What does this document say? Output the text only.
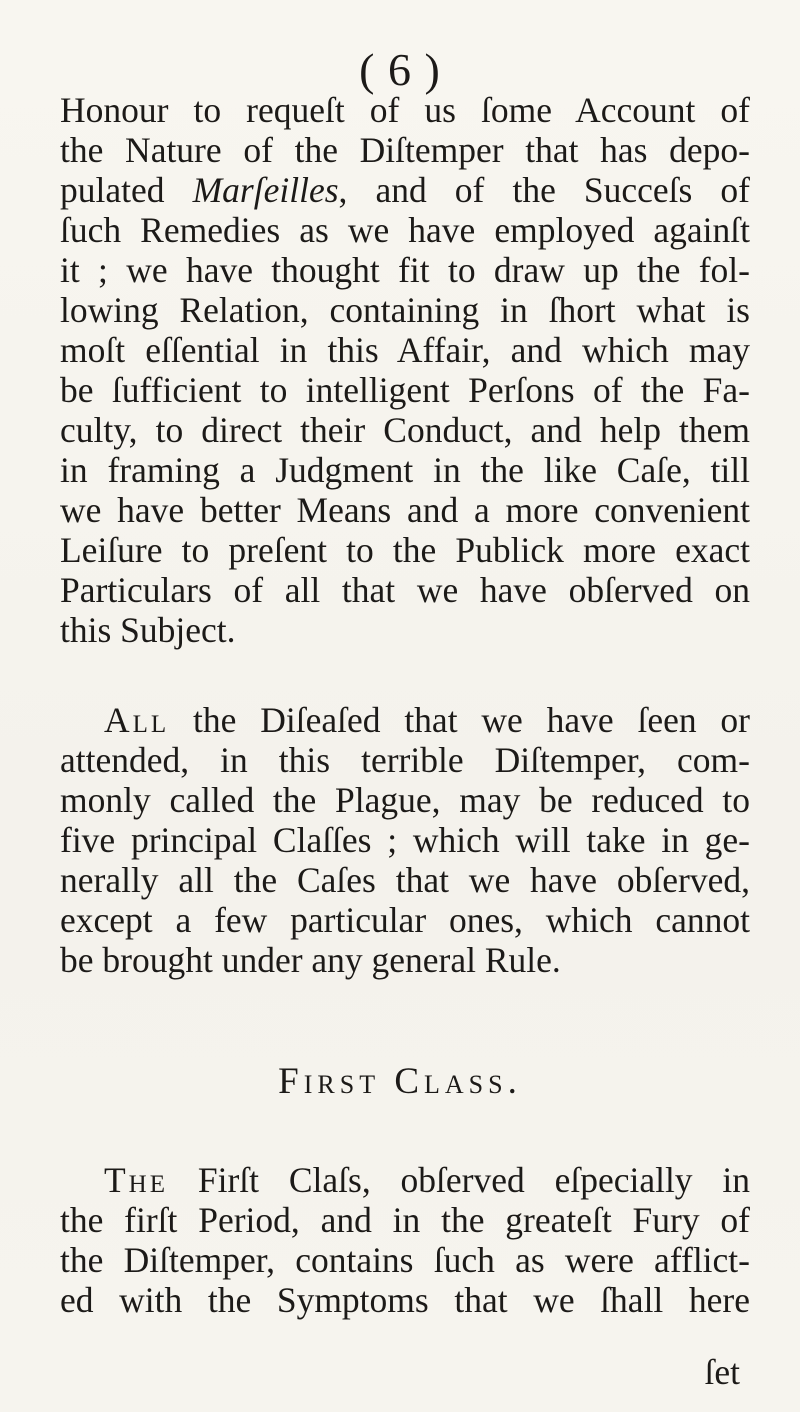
( 6 )
Honour to requeſt of us ſome Account of
the Nature of the Diſtemper that has depo-
pulated Marſeilles, and of the Succeſs of
ſuch Remedies as we have employed againſt
it ; we have thought fit to draw up the fol-
lowing Relation, containing in ſhort what is
moſt eſſential in this Affair, and which may
be ſufficient to intelligent Perſons of the Fa-
culty, to direct their Conduct, and help them
in framing a Judgment in the like Caſe, till
we have better Means and a more convenient
Leiſure to preſent to the Publick more exact
Particulars of all that we have obſerved on
this Subject.
All the Diſeaſed that we have ſeen or
attended, in this terrible Diſtemper, com-
monly called the Plague, may be reduced to
five principal Claſſes ; which will take in ge-
nerally all the Caſes that we have obſerved,
except a few particular ones, which cannot
be brought under any general Rule.
First Class.
The Firſt Claſs, obſerved eſpecially in
the firſt Period, and in the greateſt Fury of
the Diſtemper, contains ſuch as were afflict-
ed with the Symptoms that we ſhall here
ſet
